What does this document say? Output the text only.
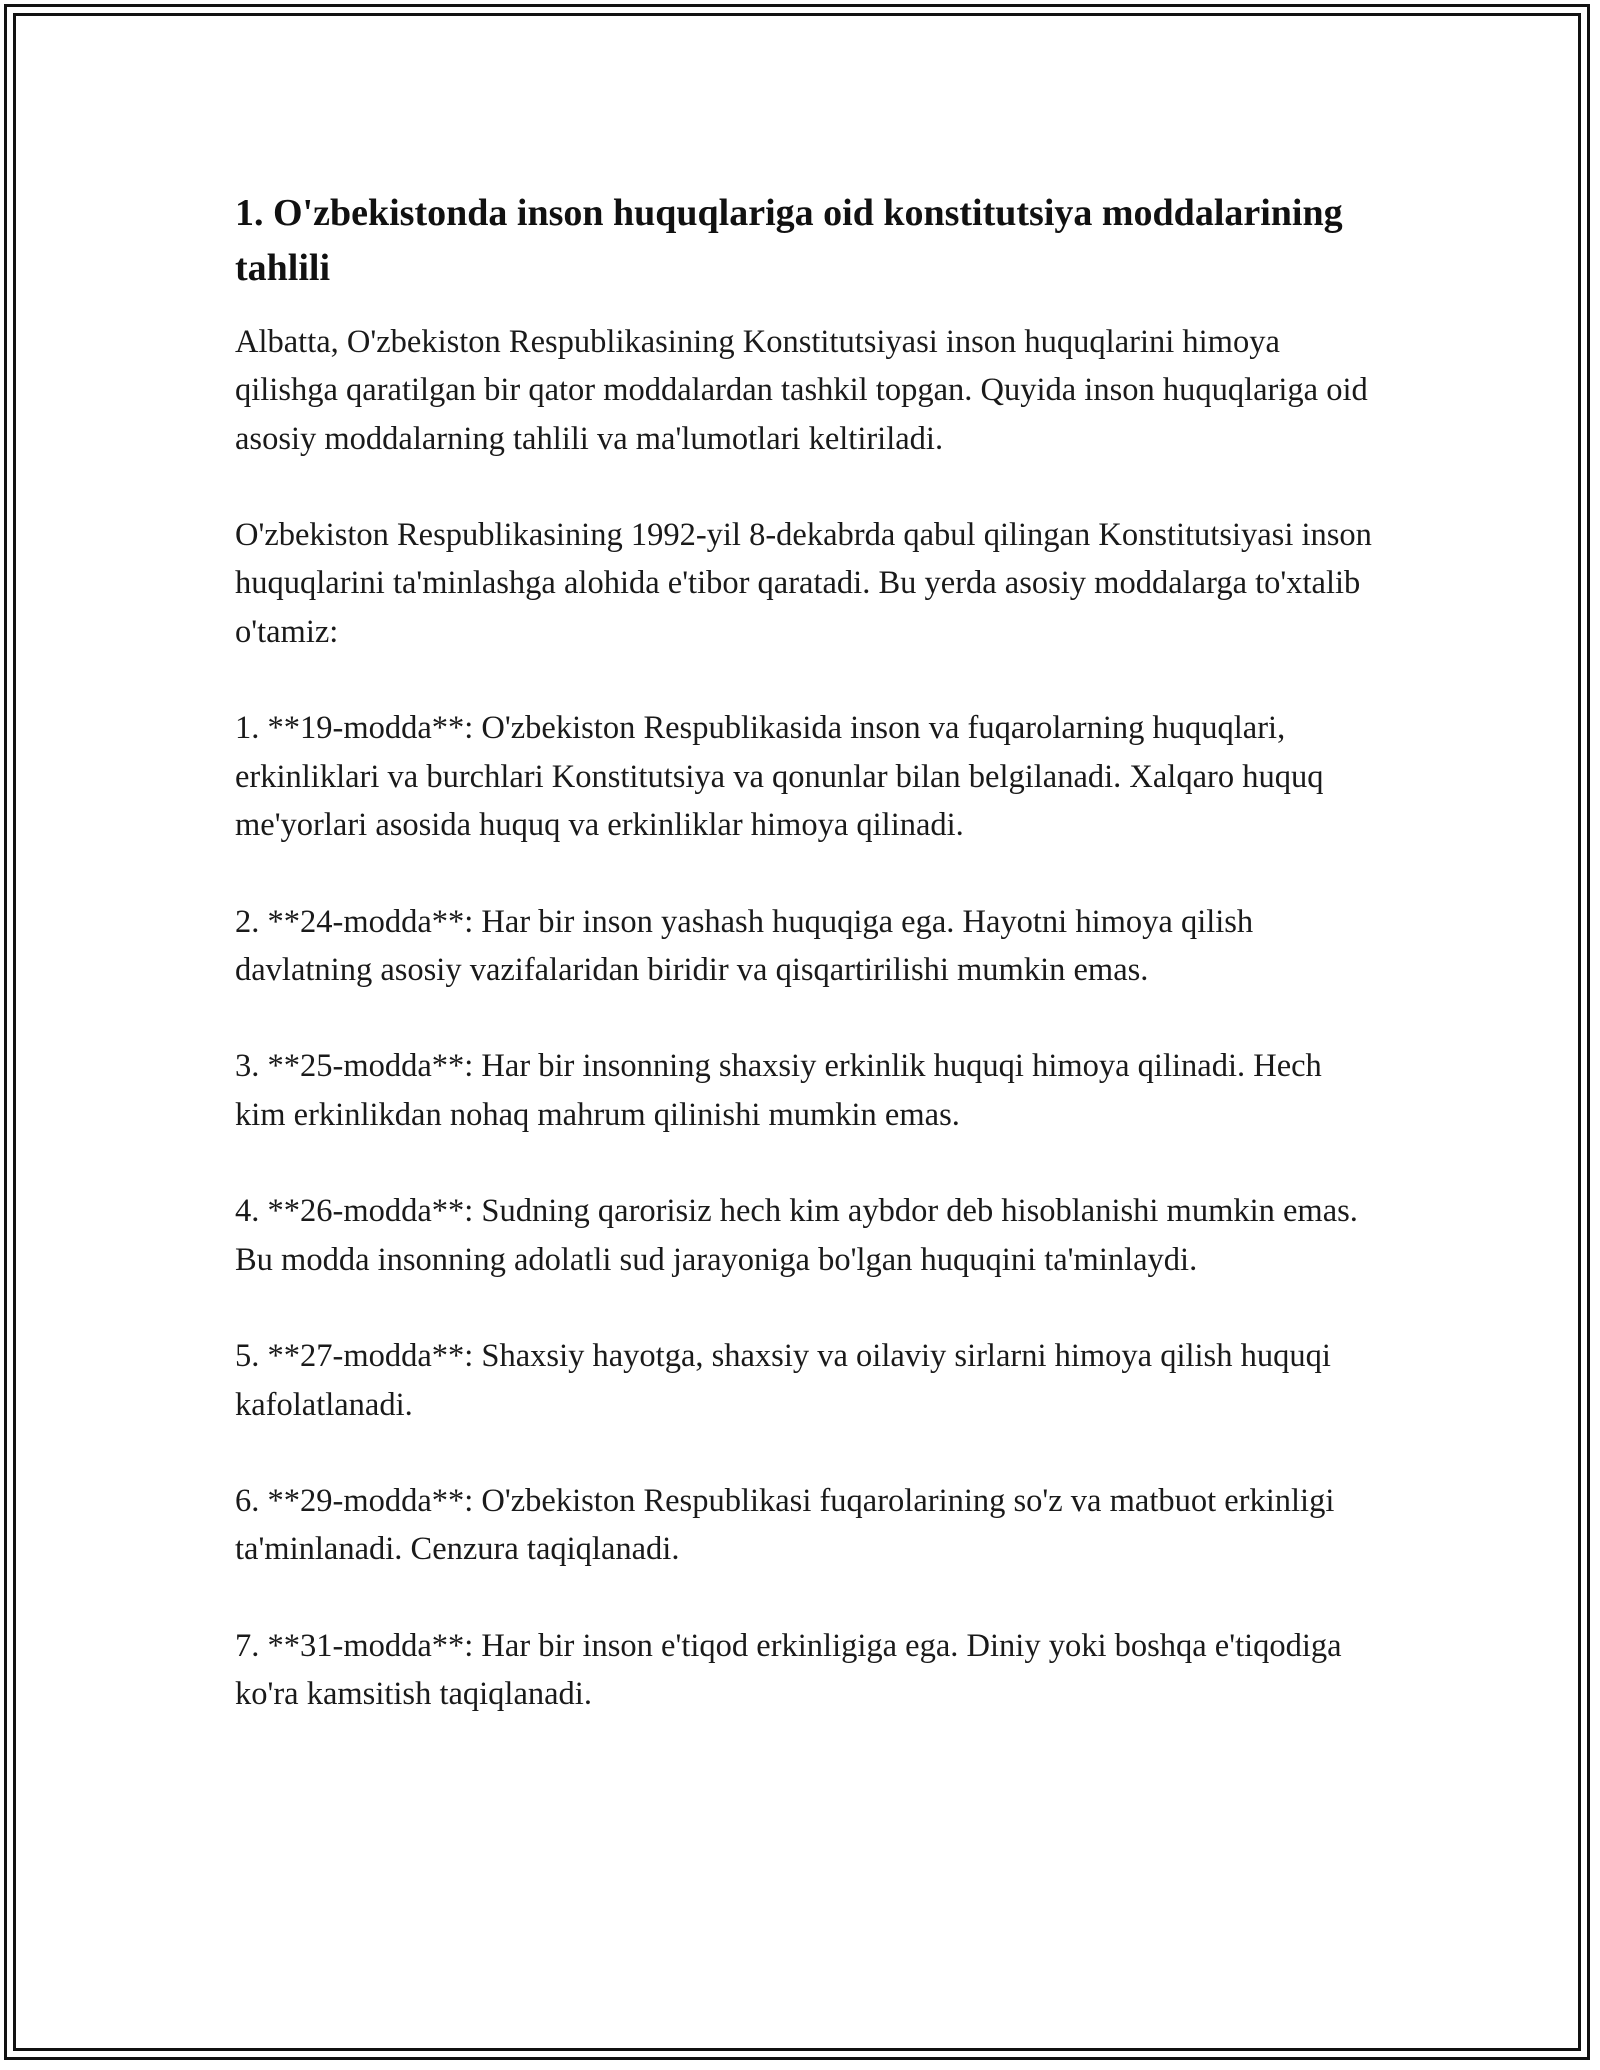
1. O'zbekistonda inson huquqlariga oid konstitutsiya moddalarining tahlili

Albatta, O'zbekiston Respublikasining Konstitutsiyasi inson huquqlarini himoya qilishga qaratilgan bir qator moddalardan tashkil topgan. Quyida inson huquqlariga oid asosiy moddalarning tahlili va ma'lumotlari keltiriladi.

O'zbekiston Respublikasining 1992-yil 8-dekabrda qabul qilingan Konstitutsiyasi inson huquqlarini ta'minlashga alohida e'tibor qaratadi. Bu yerda asosiy moddalarga to'xtalib o'tamiz:

1. **19-modda**: O'zbekiston Respublikasida inson va fuqarolarning huquqlari, erkinliklari va burchlari Konstitutsiya va qonunlar bilan belgilanadi. Xalqaro huquq me'yorlari asosida huquq va erkinliklar himoya qilinadi.

2. **24-modda**: Har bir inson yashash huquqiga ega. Hayotni himoya qilish davlatning asosiy vazifalaridan biridir va qisqartirilishi mumkin emas.

3. **25-modda**: Har bir insonning shaxsiy erkinlik huquqi himoya qilinadi. Hech kim erkinlikdan nohaq mahrum qilinishi mumkin emas.

4. **26-modda**: Sudning qarorisiz hech kim aybdor deb hisoblanishi mumkin emas. Bu modda insonning adolatli sud jarayoniga bo'lgan huquqini ta'minlaydi.

5. **27-modda**: Shaxsiy hayotga, shaxsiy va oilaviy sirlarni himoya qilish huquqi kafolatlanadi.

6. **29-modda**: O'zbekiston Respublikasi fuqarolarining so'z va matbuot erkinligi ta'minlanadi. Cenzura taqiqlanadi.

7. **31-modda**: Har bir inson e'tiqod erkinligiga ega. Diniy yoki boshqa e'tiqodiga ko'ra kamsitish taqiqlanadi.
